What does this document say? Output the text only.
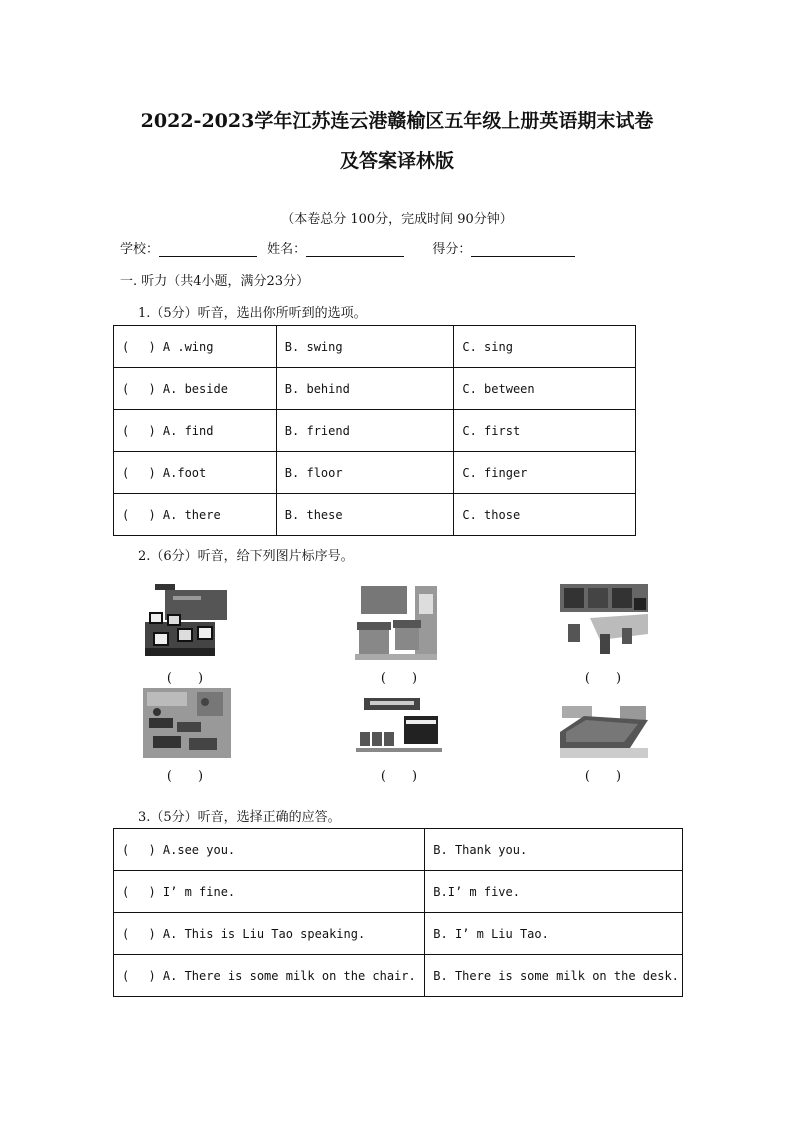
2022-2023学年江苏连云港赣榆区五年级上册英语期末试卷
及答案译林版
（本卷总分 100分，完成时间 90分钟）
学校：	姓名：	得分：
一. 听力（共4小题，满分23分）
1.（5分）听音，选出你所听到的选项。
(　 ) A .wing	B. swing	C. sing
(　 ) A. beside	B. behind	C. between
(　 ) A. find	B. friend	C. first
(　 ) A.foot	B. floor	C. finger
(　 ) A. there	B. these	C. those
2.（6分）听音，给下列图片标序号。
(　　)	(　　)	(　　)
(　　)	(　　)	(　　)
3.（5分）听音，选择正确的应答。
(　 ) A.see you.	B. Thank you.
(　 ) I’ m fine.	B.I’ m five.
(　 ) A. This is Liu Tao speaking.	B. I’ m Liu Tao.
(　 ) A. There is some milk on the chair.	B. There is some milk on the desk.
